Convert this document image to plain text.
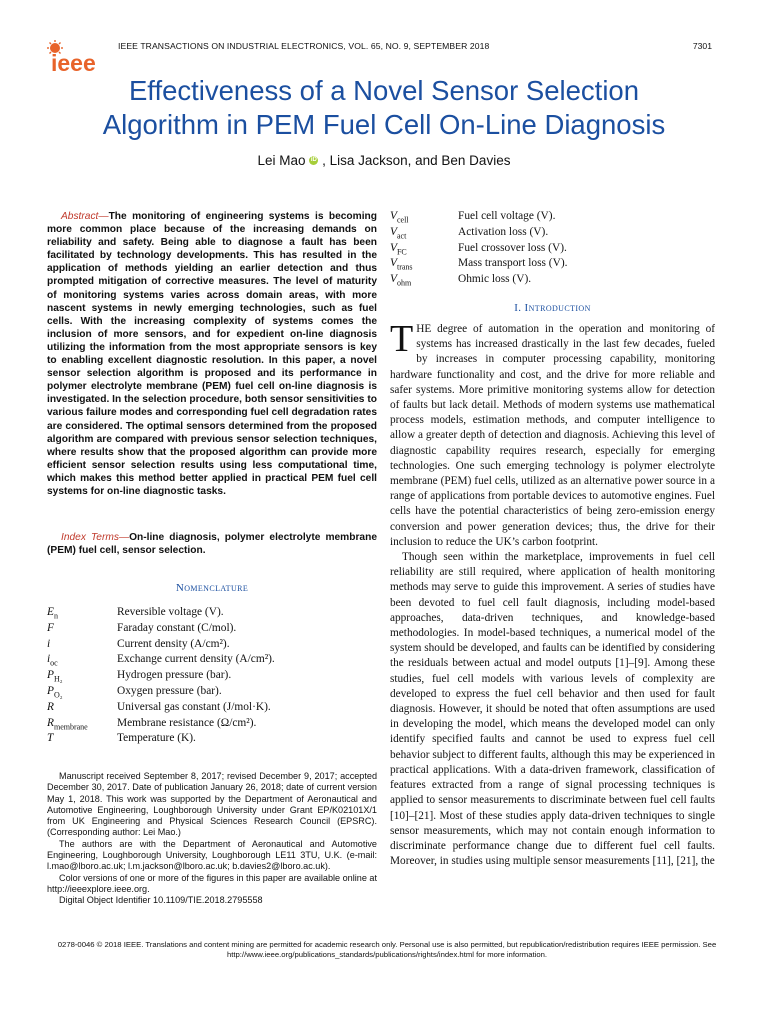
ieee
IEEE TRANSACTIONS ON INDUSTRIAL ELECTRONICS, VOL. 65, NO. 9, SEPTEMBER 2018	7301
Effectiveness of a Novel Sensor Selection
Algorithm in PEM Fuel Cell On-Line Diagnosis
Lei Mao iD , Lisa Jackson, and Ben Davies
Abstract—The monitoring of engineering systems is becoming more common place because of the increasing demands on reliability and safety. Being able to diagnose a fault has been facilitated by technology developments. This has resulted in the application of methods yielding an earlier detection and thus prompted mitigation of corrective measures. The level of maturity of monitoring systems varies across domain areas, with more nascent systems in newly emerging technologies, such as fuel cells. With the increasing complexity of systems comes the inclusion of more sensors, and for expedient on-line diagnosis utilizing the information from the most appropriate sensors is key to enabling excellent diagnostic resolution. In this paper, a novel sensor selection algorithm is proposed and its performance in polymer electrolyte membrane (PEM) fuel cell on-line diagnosis is investigated. In the selection procedure, both sensor sensitivities to various failure modes and corresponding fuel cell degradation rates are considered. The optimal sensors determined from the proposed algorithm are compared with previous sensor selection techniques, where results show that the proposed algorithm can provide more efficient sensor selection results using less computational time, which makes this method better applied in practical PEM fuel cell systems for on-line diagnostic tasks.
Index Terms—On-line diagnosis, polymer electrolyte membrane (PEM) fuel cell, sensor selection.
Nomenclature
$E_n$	Reversible voltage (V).
F	Faraday constant (C/mol).
i	Current density (A/cm²).
$i_{oc}$	Exchange current density (A/cm²).
$P_{H_2}$	Hydrogen pressure (bar).
$P_{O_2}$	Oxygen pressure (bar).
R	Universal gas constant (J/mol·K).
$R_{membrane}$	Membrane resistance (Ω/cm²).
T	Temperature (K).
$V_{cell}$	Fuel cell voltage (V).
$V_{act}$	Activation loss (V).
$V_{FC}$	Fuel crossover loss (V).
$V_{trans}$	Mass transport loss (V).
$V_{ohm}$	Ohmic loss (V).

Manuscript received September 8, 2017; revised December 9, 2017; accepted December 30, 2017. Date of publication January 26, 2018; date of current version May 1, 2018. This work was supported by the Department of Aeronautical and Automotive Engineering, Loughborough University under Grant EP/K02101X/1 from UK Engineering and Physical Sciences Research Council (EPSRC). (Corresponding author: Lei Mao.)

The authors are with the Department of Aeronautical and Automotive Engineering, Loughborough University, Loughborough LE11 3TU, U.K. (e-mail: l.mao@lboro.ac.uk; l.m.jackson@lboro.ac.uk; b.davies2@lboro.ac.uk).

Color versions of one or more of the figures in this paper are available online at http://ieeexplore.ieee.org.

Digital Object Identifier 10.1109/TIE.2018.2795558

I. Introduction

THE degree of automation in the operation and monitoring of systems has increased drastically in the last few decades, fueled by increases in computer processing capability, monitoring hardware functionality and cost, and the drive for more reliable and safer systems. More primitive monitoring systems allow for detection of faults but lack detail. Methods of modern systems use mathematical process models, estimation methods, and computer intelligence to allow a greater depth of detection and diagnosis. Achieving this level of diagnostic capability requires research, especially for emerging technologies. One such emerging technology is polymer electrolyte membrane (PEM) fuel cells, utilized as an alternative power source in a range of applications from portable devices to automotive engines. Fuel cells have the potential characteristics of being zero-emission energy conversion and power generation devices; thus, the drive for their inclusion to reduce the UK’s carbon footprint.

Though seen within the marketplace, improvements in fuel cell reliability are still required, where application of health monitoring methods may serve to guide this improvement. A series of studies have been devoted to fuel cell fault diagnosis, including model-based approaches, data-driven techniques, and knowledge-based methodologies. In model-based techniques, a numerical model of the system should be developed, and faults can be identified by considering the residuals between actual and model outputs [1]–[9]. Among these studies, fuel cell models with various levels of complexity are developed to express the fuel cell behavior and then used for fault diagnosis. However, it should be noted that often assumptions are used in developing the model, which means the developed model can only identify specified faults and cannot be used to express fuel cell behavior subject to different faults, although this may be experienced in practical applications. With a data-driven framework, classification of features extracted from a range of signal processing techniques is applied to sensor measurements to discriminate between fuel cell faults [10]–[21]. Most of these studies apply data-driven techniques to single sensor measurements, which may not contain enough information to discriminate performance change due to different fuel cell faults. Moreover, in studies using multiple sensor measurements [11], [21], the

0278-0046 © 2018 IEEE. Translations and content mining are permitted for academic research only. Personal use is also permitted, but republication/redistribution requires IEEE permission. See http://www.ieee.org/publications_standards/publications/rights/index.html for more information.
